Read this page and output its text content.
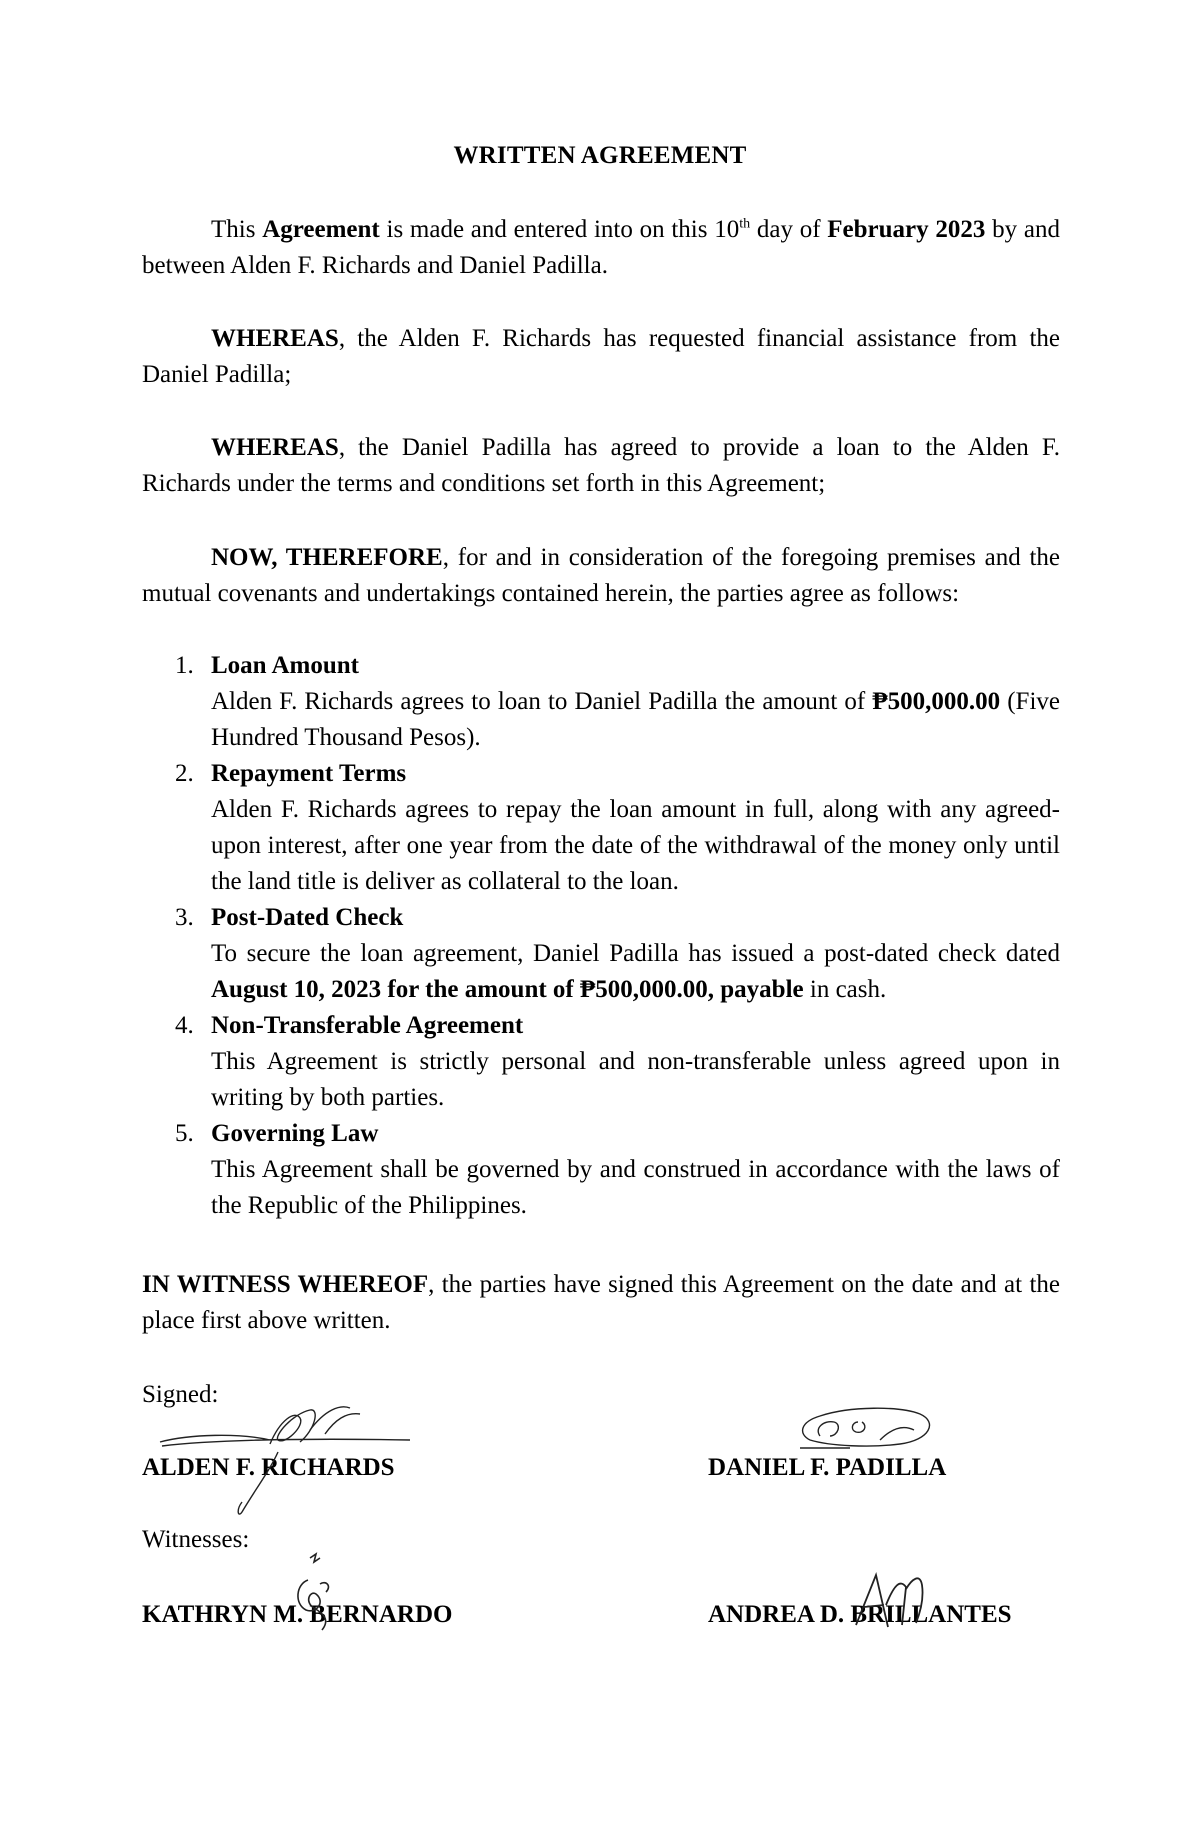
WRITTEN AGREEMENT
This Agreement is made and entered into on this 10th day of February 2023 by and between Alden F. Richards and Daniel Padilla.
WHEREAS, the Alden F. Richards has requested financial assistance from the Daniel Padilla;
WHEREAS, the Daniel Padilla has agreed to provide a loan to the Alden F. Richards under the terms and conditions set forth in this Agreement;
NOW, THEREFORE, for and in consideration of the foregoing premises and the mutual covenants and undertakings contained herein, the parties agree as follows:
1. Loan Amount
Alden F. Richards agrees to loan to Daniel Padilla the amount of ₱500,000.00 (Five Hundred Thousand Pesos).
2. Repayment Terms
Alden F. Richards agrees to repay the loan amount in full, along with any agreed-upon interest, after one year from the date of the withdrawal of the money only until the land title is deliver as collateral to the loan.
3. Post-Dated Check
To secure the loan agreement, Daniel Padilla has issued a post-dated check dated August 10, 2023 for the amount of ₱500,000.00, payable in cash.
4. Non-Transferable Agreement
This Agreement is strictly personal and non-transferable unless agreed upon in writing by both parties.
5. Governing Law
This Agreement shall be governed by and construed in accordance with the laws of the Republic of the Philippines.
IN WITNESS WHEREOF, the parties have signed this Agreement on the date and at the place first above written.
Signed:
ALDEN F. RICHARDS	DANIEL F. PADILLA
Witnesses:
KATHRYN M. BERNARDO	ANDREA D. BRILLANTES
